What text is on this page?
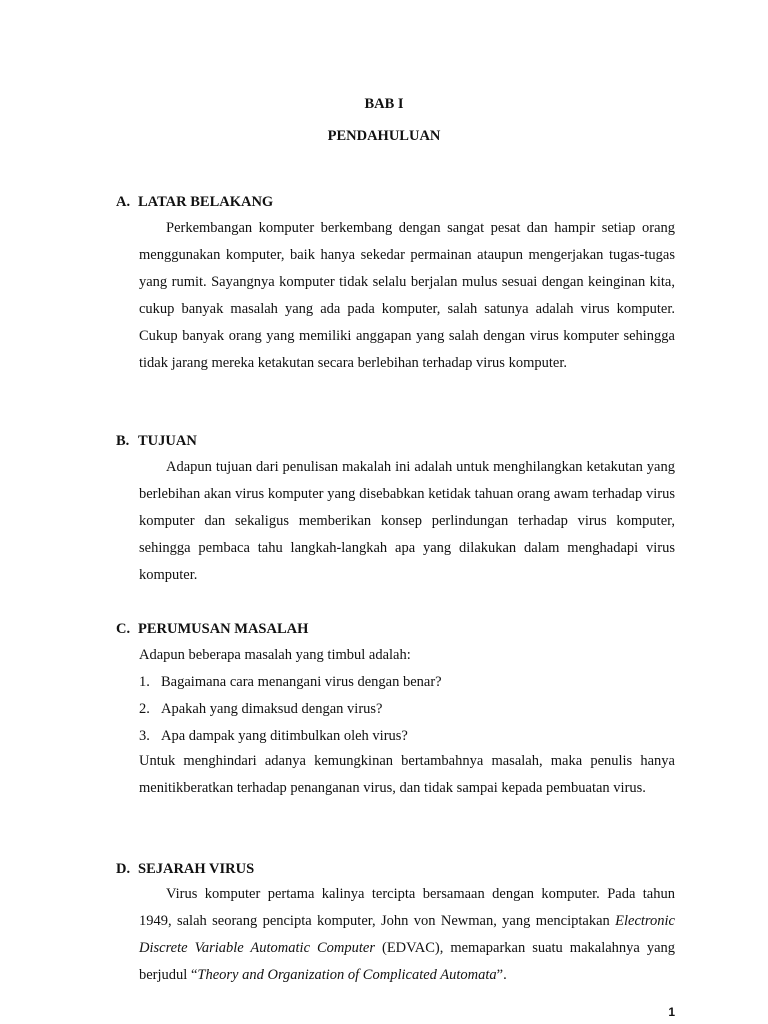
BAB I
PENDAHULUAN
A. LATAR BELAKANG
Perkembangan komputer berkembang dengan sangat pesat dan hampir setiap orang menggunakan komputer, baik hanya sekedar permainan ataupun mengerjakan tugas-tugas yang rumit. Sayangnya komputer tidak selalu berjalan mulus sesuai dengan keinginan kita, cukup banyak masalah yang ada pada komputer, salah satunya adalah virus komputer. Cukup banyak orang yang memiliki anggapan yang salah dengan virus komputer sehingga tidak jarang mereka ketakutan secara berlebihan terhadap virus komputer.
B. TUJUAN
Adapun tujuan dari penulisan makalah ini adalah untuk menghilangkan ketakutan yang berlebihan akan virus komputer yang disebabkan ketidak tahuan orang awam terhadap virus komputer dan sekaligus memberikan konsep perlindungan terhadap virus komputer, sehingga pembaca tahu langkah-langkah apa yang dilakukan dalam menghadapi virus komputer.
C. PERUMUSAN MASALAH
Adapun beberapa masalah yang timbul adalah:
1. Bagaimana cara menangani virus dengan benar?
2. Apakah yang dimaksud dengan virus?
3. Apa dampak yang ditimbulkan oleh virus?
Untuk menghindari adanya kemungkinan bertambahnya masalah, maka penulis hanya menitikberatkan terhadap penanganan virus, dan tidak sampai kepada pembuatan virus.
D. SEJARAH VIRUS
Virus komputer pertama kalinya tercipta bersamaan dengan komputer. Pada tahun 1949, salah seorang pencipta komputer, John von Newman, yang menciptakan Electronic Discrete Variable Automatic Computer (EDVAC), memaparkan suatu makalahnya yang berjudul “Theory and Organization of Complicated Automata”.
1
